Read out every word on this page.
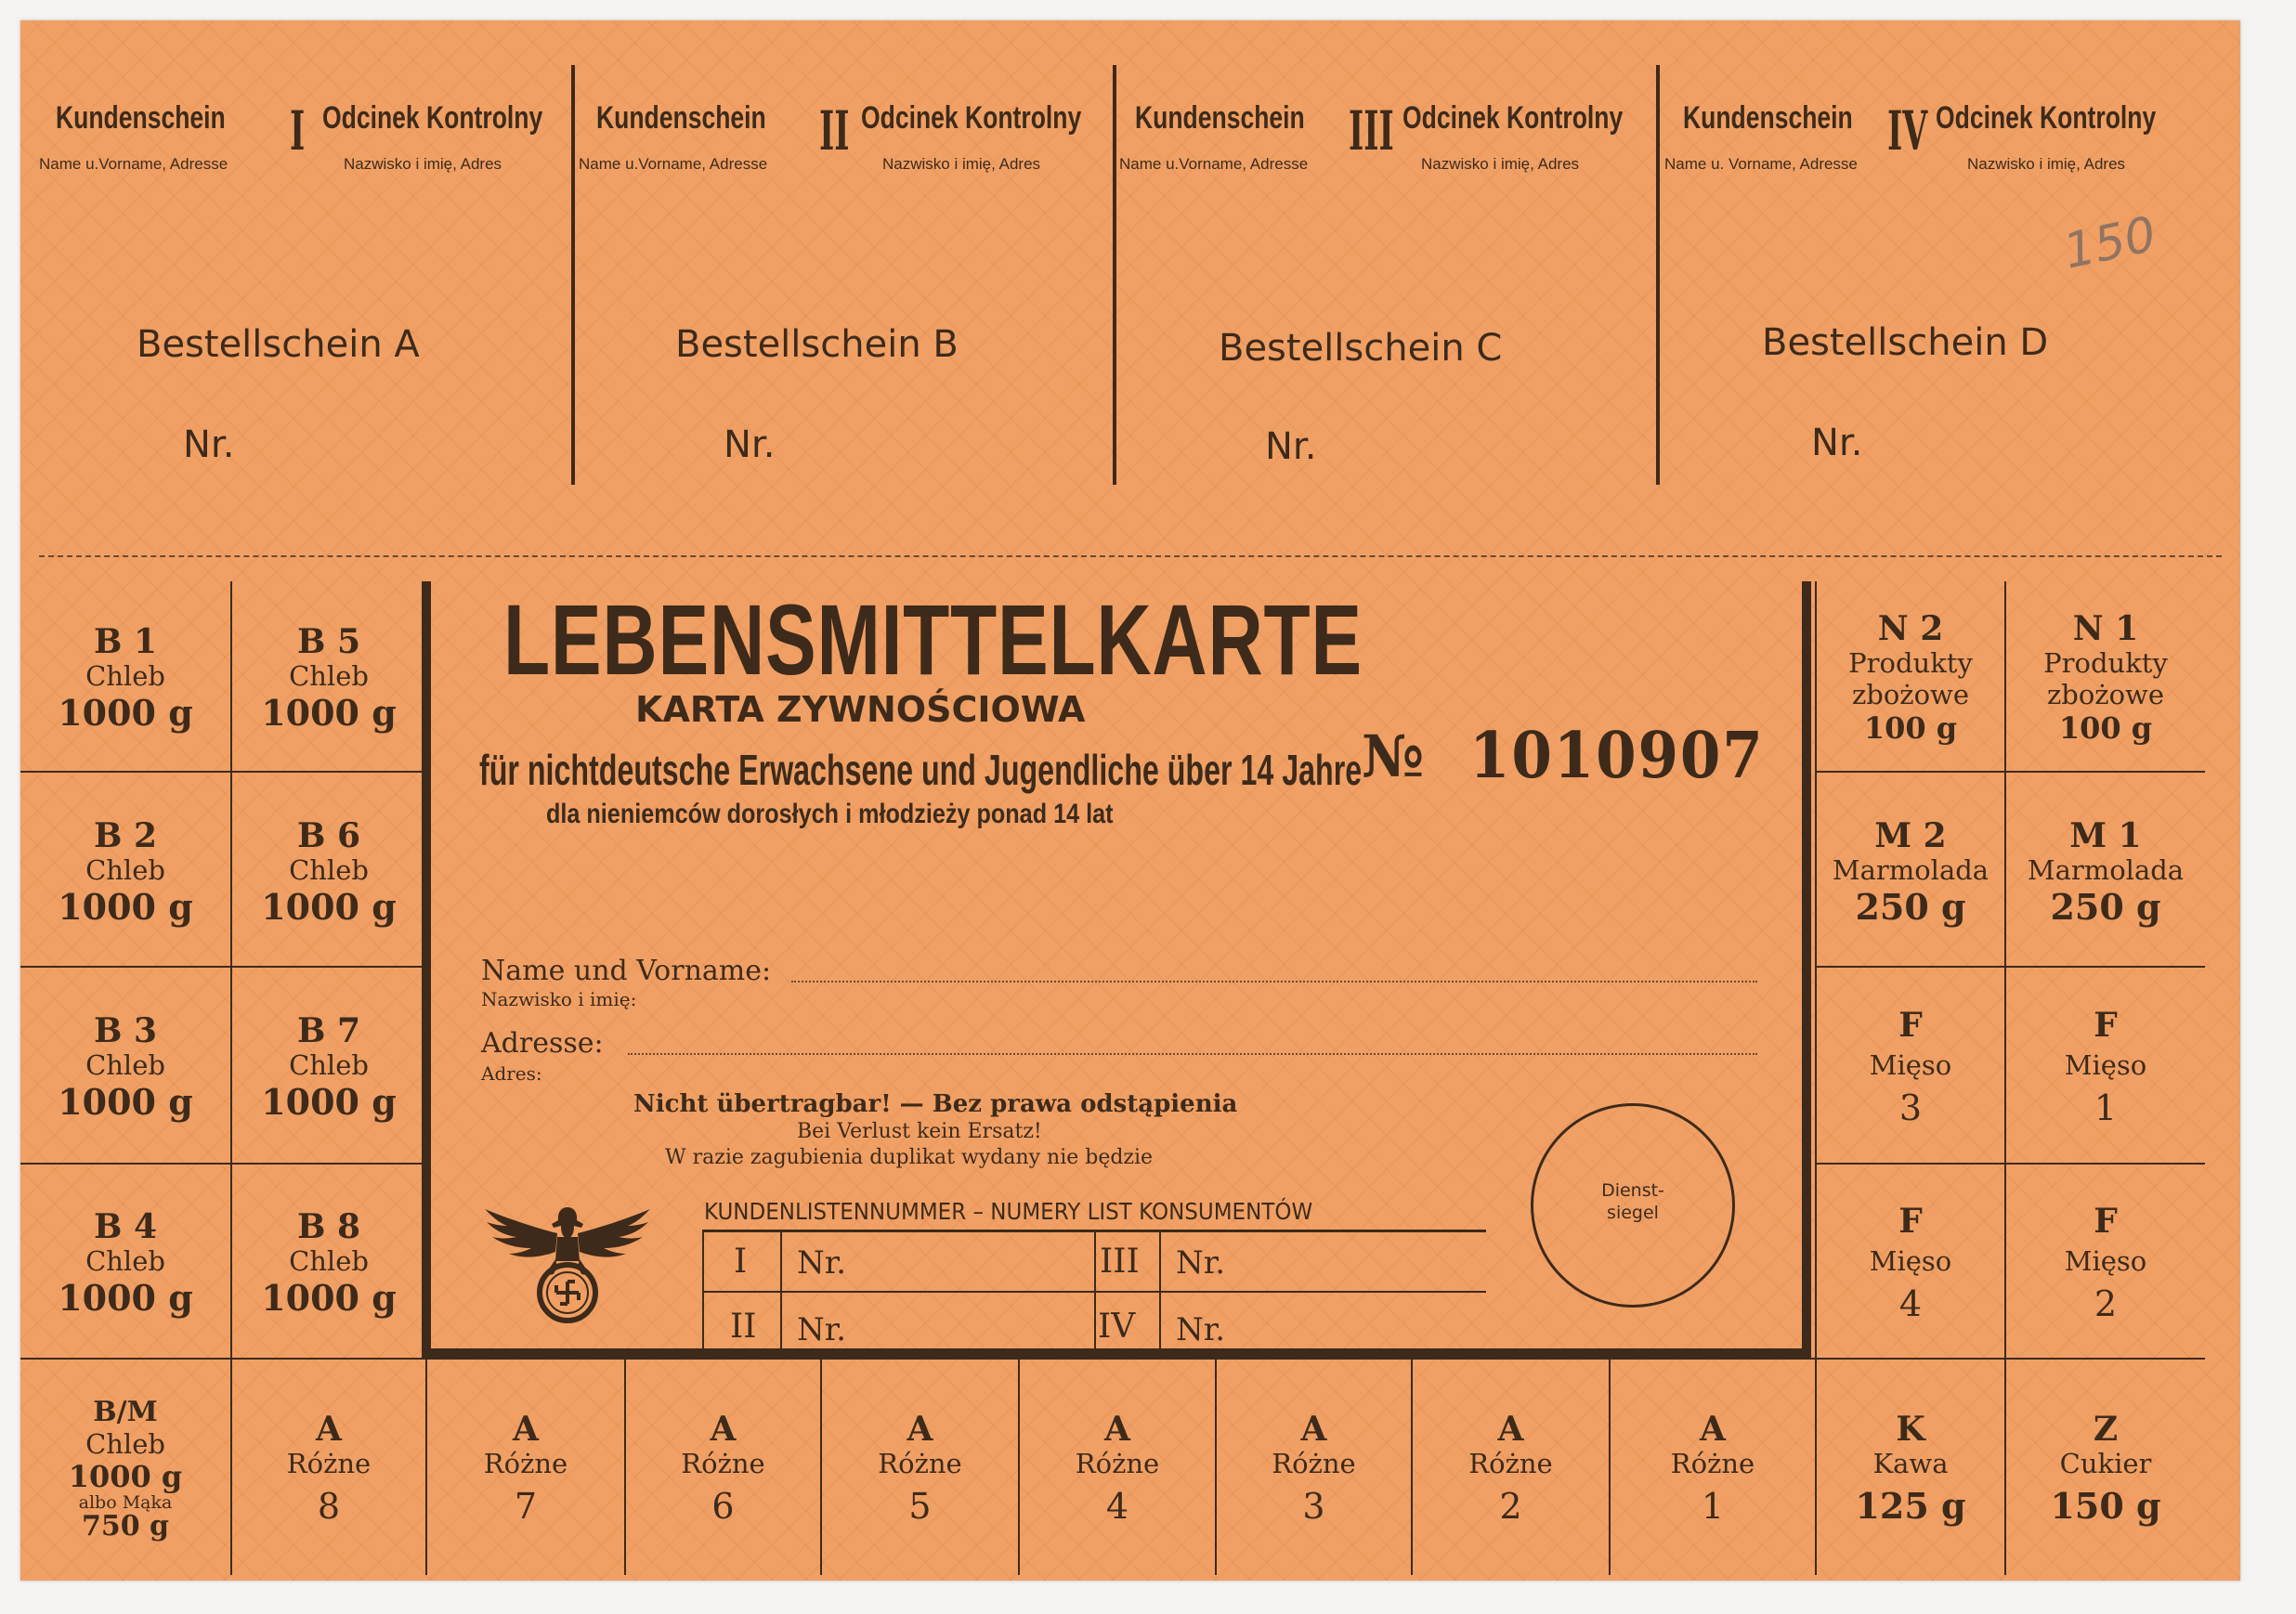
Kundenschein
Name u.Vorname, Adresse
I Odcinek Kontrolny
Nazwisko i imię, Adres
Bestellschein A
Nr.
Kundenschein
Name u.Vorname, Adresse
II Odcinek Kontrolny
Nazwisko i imię, Adres
Bestellschein B
Nr.
Kundenschein
Name u.Vorname, Adresse
III Odcinek Kontrolny
Nazwisko i imię, Adres
Bestellschein C
Nr.
Kundenschein
Name u. Vorname, Adresse
IV Odcinek Kontrolny
Nazwisko i imię, Adres
Bestellschein D
Nr.
150
B 1
Chleb
1000 g
B 5
Chleb
1000 g
B 2
Chleb
1000 g
B 6
Chleb
1000 g
B 3
Chleb
1000 g
B 7
Chleb
1000 g
B 4
Chleb
1000 g
B 8
Chleb
1000 g
N 2
Produkty zbożowe
100 g
N 1
Produkty zbożowe
100 g
M 2
Marmolada
250 g
M 1
Marmolada
250 g
F
Mięso
3
F
Mięso
1
F
Mięso
4
F
Mięso
2
B/M
Chleb
1000 g
albo Mąka
750 g
A
Różne
8
A
Różne
7
A
Różne
6
A
Różne
5
A
Różne
4
A
Różne
3
A
Różne
2
A
Różne
1
K
Kawa
125 g
Z
Cukier
150 g
LEBENSMITTELKARTE
KARTA ZYWNOŚCIOWA
für nichtdeutsche Erwachsene und Jugendliche über 14 Jahre
dla nieniemców dorosłych i młodzieży ponad 14 lat
№ 1010907
Name und Vorname:
Nazwisko i imię:
Adresse:
Adres:
Nicht übertragbar! — Bez prawa odstąpienia
Bei Verlust kein Ersatz!
W razie zagubienia duplikat wydany nie będzie
KUNDENLISTENNUMMER – NUMERY LIST KONSUMENTÓW
I Nr.	III Nr.
II Nr.	IV Nr.
Dienst-siegel
